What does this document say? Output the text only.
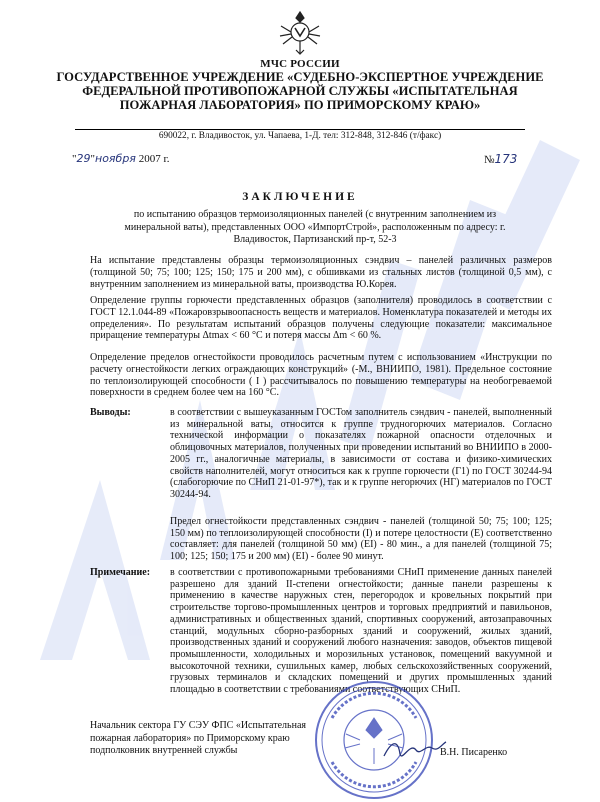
МЧС РОССИИ
ГОСУДАРСТВЕННОЕ УЧРЕЖДЕНИЕ «СУДЕБНО-ЭКСПЕРТНОЕ УЧРЕЖДЕНИЕ
ФЕДЕРАЛЬНОЙ ПРОТИВОПОЖАРНОЙ СЛУЖБЫ «ИСПЫТАТЕЛЬНАЯ
ПОЖАРНАЯ ЛАБОРАТОРИЯ» ПО ПРИМОРСКОМУ КРАЮ»
690022, г. Владивосток, ул. Чапаева, 1-Д. тел: 312-848, 312-846 (т/факс)
"29"ноября 2007 г.	№173
ЗАКЛЮЧЕНИЕ
по испытанию образцов термоизоляционных панелей (с внутренним заполнением из минеральной ваты), представленных ООО «ИмпортСтрой», расположенным по адресу: г. Владивосток, Партизанский пр-т, 52-3
На испытание представлены образцы термоизоляционных сэндвич – панелей различных размеров (толщиной 50; 75; 100; 125; 150; 175 и 200 мм), с обшивками из стальных листов (толщиной 0,5 мм), с внутренним заполнением из минеральной ваты, производства Ю.Корея.
Определение группы горючести представленных образцов (заполнителя) проводилось в соответствии с ГОСТ 12.1.044-89 «Пожаровзрывоопасность веществ и материалов. Номенклатура показателей и методы их определения». По результатам испытаний образцов получены следующие показатели: максимальное приращение температуры Δtmax < 60 °С и потеря массы Δm < 60 %.
Определение пределов огнестойкости проводилось расчетным путем с использованием «Инструкции по расчету огнестойкости легких ограждающих конструкций» (-М., ВНИИПО, 1981). Предельное состояние по теплоизолирующей способности ( I ) рассчитывалось по повышению температуры на необогреваемой поверхности в среднем более чем на 160 °С.
Выводы:	в соответствии с вышеуказанным ГОСТом заполнитель сэндвич - панелей, выполненный из минеральной ваты, относится к группе трудногорючих материалов. Согласно технической информации о показателях пожарной опасности отделочных и облицовочных материалов, полученных при проведении испытаний во ВНИИПО в 2000-2005 гг., аналогичные материалы, в зависимости от состава и физико-химических свойств наполнителей, могут относиться как к группе горючести (Г1) по ГОСТ 30244-94 (слабогорючие по СНиП 21-01-97*), так и к группе негорючих (НГ) материалов по ГОСТ 30244-94.
Предел огнестойкости представленных сэндвич - панелей (толщиной 50; 75; 100; 125; 150 мм) по теплоизолирующей способности (I) и потере целостности (Е) соответственно составляет: для панелей (толщиной 50 мм) (EI) - 80 мин., а для панелей (толщиной 75; 100; 125; 150; 175 и 200 мм) (EI) - более 90 минут.
Примечание: в соответствии с противопожарными требованиями СНиП применение данных панелей разрешено для зданий II-степени огнестойкости; данные панели разрешены к применению в качестве наружных стен, перегородок и кровельных покрытий при строительстве торгово-промышленных центров и торговых предприятий и павильонов, административных и общественных зданий, спортивных сооружений, автозаправочных станций, модульных сборно-разборных зданий и сооружений, жилых зданий, производственных зданий и сооружений любого назначения: заводов, объектов пищевой промышленности, холодильных и морозильных установок, помещений вакуумной и высокоточной техники, сушильных камер, любых сельскохозяйственных сооружений, грузовых терминалов и складских помещений и других промышленных зданий площадью в соответствии с требованиями соответствующих СНиП.
Начальник сектора ГУ СЭУ ФПС «Испытательная
пожарная лаборатория» по Приморскому краю
подполковник внутренней службы	В.Н. Писаренко
